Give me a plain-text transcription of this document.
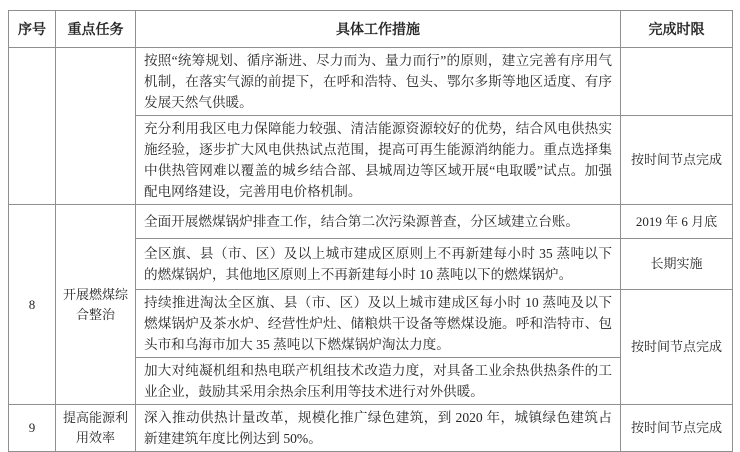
序号	重点任务	具体工作措施	完成时限
		按照“统筹规划、循序渐进、尽力而为、量力而行”的原则，建立完善有序用气机制，在落实气源的前提下，在呼和浩特、包头、鄂尔多斯等地区适度、有序发展天然气供暖。	
		充分利用我区电力保障能力较强、清洁能源资源较好的优势，结合风电供热实施经验，逐步扩大风电供热试点范围，提高可再生能源消纳能力。重点选择集中供热管网难以覆盖的城乡结合部、县城周边等区域开展“电取暖”试点。加强配电网络建设，完善用电价格机制。	按时间节点完成
8	开展燃煤综合整治	全面开展燃煤锅炉排查工作，结合第二次污染源普查，分区域建立台账。	2019 年 6 月底
		全区旗、县（市、区）及以上城市建成区原则上不再新建每小时 35 蒸吨以下的燃煤锅炉，其他地区原则上不再新建每小时 10 蒸吨以下的燃煤锅炉。	长期实施
		持续推进淘汰全区旗、县（市、区）及以上城市建成区每小时 10 蒸吨及以下燃煤锅炉及茶水炉、经营性炉灶、储粮烘干设备等燃煤设施。呼和浩特市、包头市和乌海市加大 35 蒸吨以下燃煤锅炉淘汰力度。	按时间节点完成
		加大对纯凝机组和热电联产机组技术改造力度，对具备工业余热供热条件的工业企业，鼓励其采用余热余压利用等技术进行对外供暖。	
9	提高能源利用效率	深入推动供热计量改革，规模化推广绿色建筑，到 2020 年，城镇绿色建筑占新建建筑年度比例达到 50%。	按时间节点完成
